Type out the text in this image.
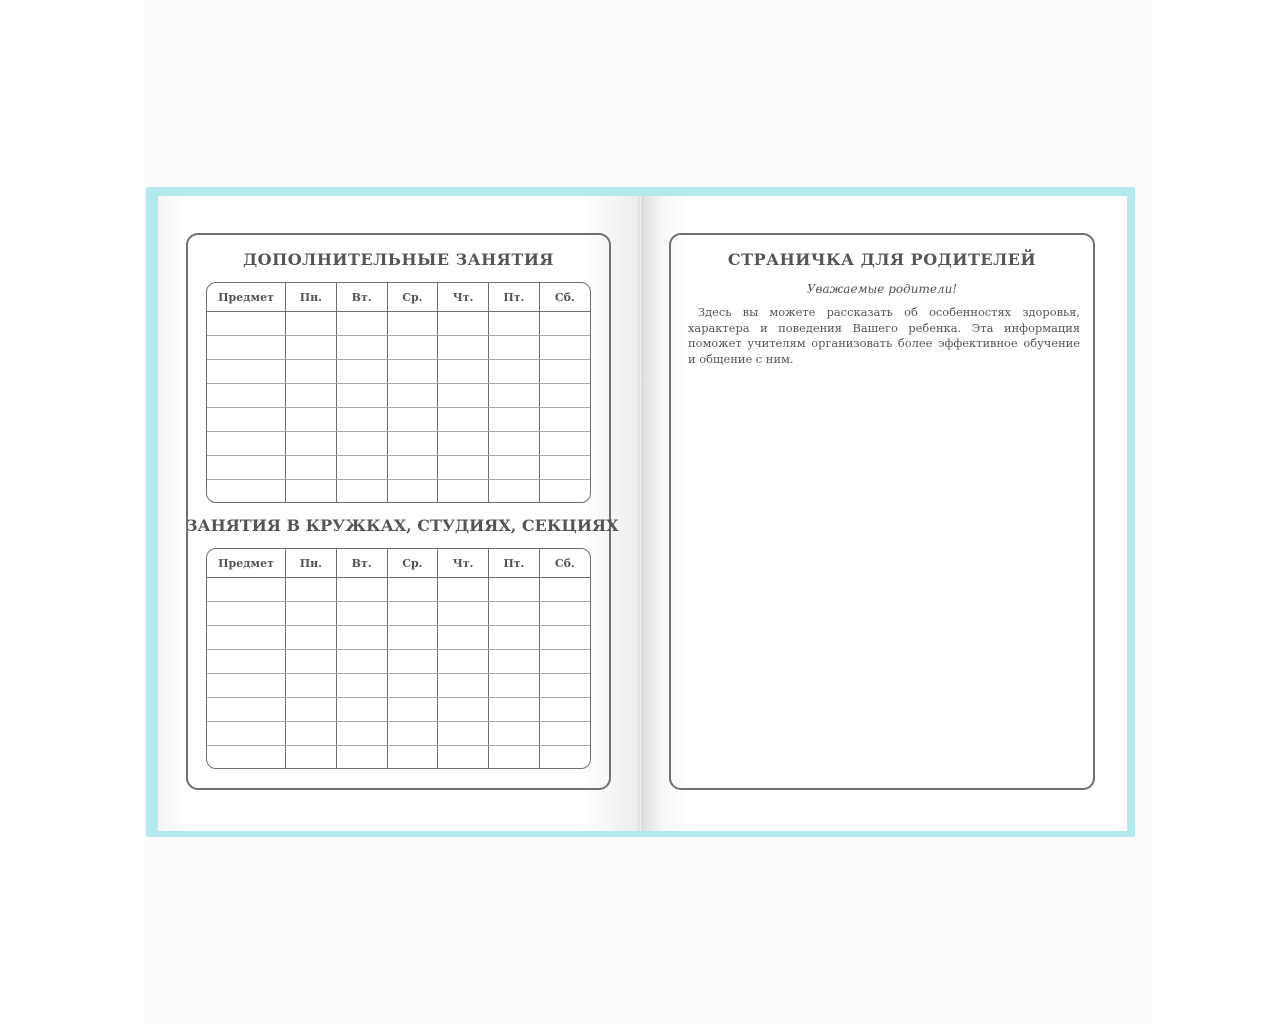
ДОПОЛНИТЕЛЬНЫЕ ЗАНЯТИЯ
Предмет	Пн.	Вт.	Ср.	Чт.	Пт.	Сб.

ЗАНЯТИЯ В КРУЖКАХ, СТУДИЯХ, СЕКЦИЯХ
Предмет	Пн.	Вт.	Ср.	Чт.	Пт.	Сб.

СТРАНИЧКА ДЛЯ РОДИТЕЛЕЙ
Уважаемые родители!
Здесь вы можете рассказать об особенностях здоровья, характера и поведения Вашего ребенка. Эта информация поможет учителям организовать более эффективное обучение и общение с ним.
